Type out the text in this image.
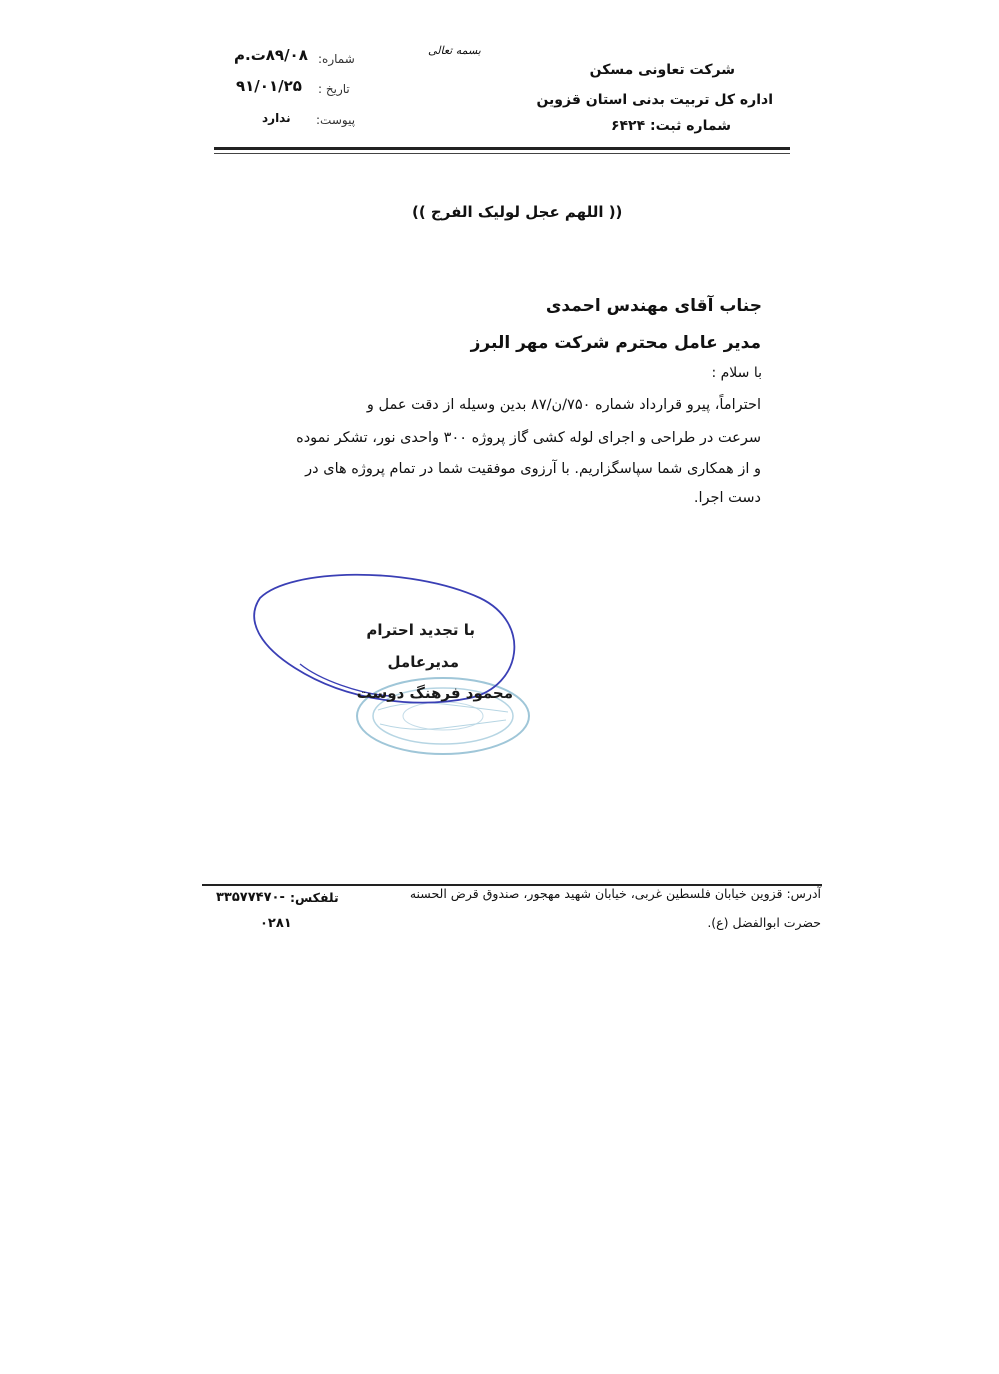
بسمه تعالی
شماره:
۸۹/۰۸ت.م
تاریخ :
۹۱/۰۱/۲۵
پیوست:
ندارد
شرکت تعاونی مسکن
اداره کل تربیت بدنی استان قزوین
شماره ثبت: ۶۴۲۴
(( اللهم عجل لولیک الفرج ))
جناب آقای مهندس احمدی
مدیر عامل محترم شرکت مهر البرز
با سلام :
احتراماً، پیرو قرارداد شماره ۷۵۰/ن/۸۷ بدین وسیله از دقت عمل و
سرعت در طراحی و اجرای لوله کشی گاز پروژه ۳۰۰ واحدی نور، تشکر نموده
و از همکاری شما سپاسگزاریم. با آرزوی موفقیت شما در تمام پروژه های در
دست اجرا.
با تجدید احترام
مدیرعامل
محمود فرهنگ دوست
آدرس: قزوین خیابان فلسطین غربی، خیابان شهید مهجور، صندوق قرض الحسنه
حضرت ابوالفضل (ع).
تلفکس:
۳۳۵۷۷۴۷۰-
۰۲۸۱
